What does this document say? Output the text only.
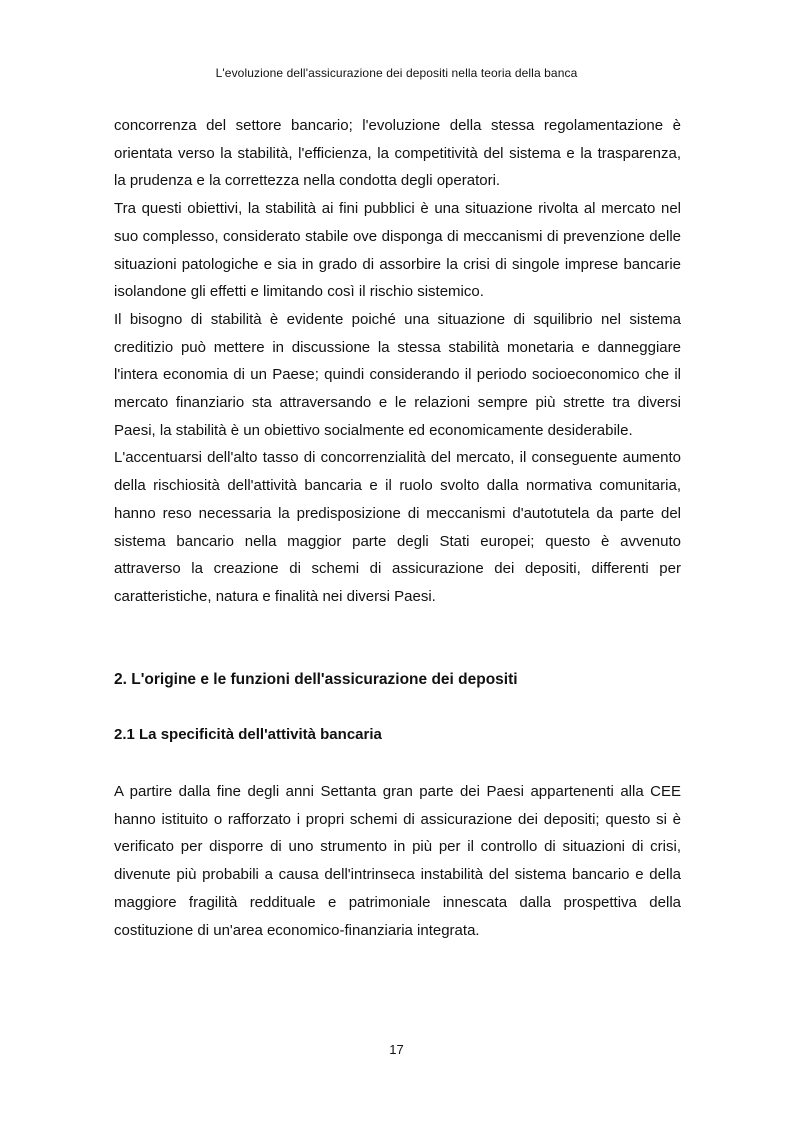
L'evoluzione dell'assicurazione dei depositi nella teoria della banca

concorrenza del settore bancario; l'evoluzione della stessa regolamentazione è orientata verso la stabilità, l'efficienza, la competitività del sistema e la trasparenza, la prudenza e la correttezza nella condotta degli operatori.

Tra questi obiettivi, la stabilità ai fini pubblici è una situazione rivolta al mercato nel suo complesso, considerato stabile ove disponga di meccanismi di prevenzione delle situazioni patologiche e sia in grado di assorbire la crisi di singole imprese bancarie isolandone gli effetti e limitando così il rischio sistemico.

Il bisogno di stabilità è evidente poiché una situazione di squilibrio nel sistema creditizio può mettere in discussione la stessa stabilità monetaria e danneggiare l'intera economia di un Paese; quindi considerando il periodo socioeconomico che il mercato finanziario sta attraversando e le relazioni sempre più strette tra diversi Paesi, la stabilità è un obiettivo socialmente ed economicamente desiderabile.

L'accentuarsi dell'alto tasso di concorrenzialità del mercato, il conseguente aumento della rischiosità dell'attività bancaria e il ruolo svolto dalla normativa comunitaria, hanno reso necessaria la predisposizione di meccanismi d'autotutela da parte del sistema bancario nella maggior parte degli Stati europei; questo è avvenuto attraverso la creazione di schemi di assicurazione dei depositi, differenti per caratteristiche, natura e finalità nei diversi Paesi.

2. L'origine e le funzioni dell'assicurazione dei depositi
2.1 La specificità dell'attività bancaria

A partire dalla fine degli anni Settanta gran parte dei Paesi appartenenti alla CEE hanno istituito o rafforzato i propri schemi di assicurazione dei depositi; questo si è verificato per disporre di uno strumento in più per il controllo di situazioni di crisi, divenute più probabili a causa dell'intrinseca instabilità del sistema bancario e della maggiore fragilità reddituale e patrimoniale innescata dalla prospettiva della costituzione di un'area economico-finanziaria integrata.

17
